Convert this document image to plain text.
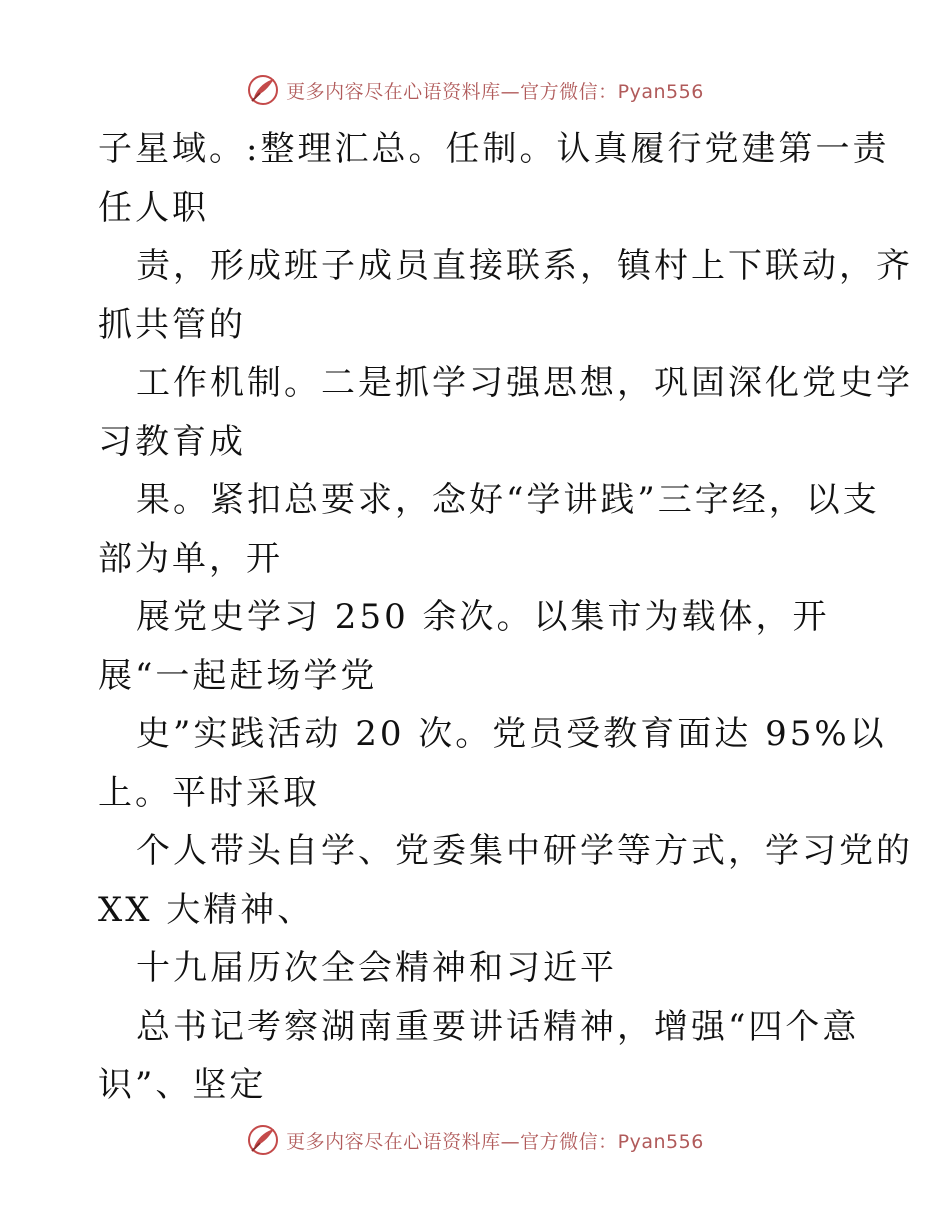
更多内容尽在心语资料库—官方微信：Pyan556
子星域。:整理汇总。任制。认真履行党建第一责
任人职
责，形成班子成员直接联系，镇村上下联动，齐
抓共管的
工作机制。二是抓学习强思想，巩固深化党史学
习教育成
果。紧扣总要求，念好“学讲践”三字经，以支
部为单，开
展党史学习 250 余次。以集市为载体，开
展“一起赶场学党
史”实践活动 20 次。党员受教育面达 95%以
上。平时采取
个人带头自学、党委集中研学等方式，学习党的
XX 大精神、
十九届历次全会精神和习近平
总书记考察湖南重要讲话精神，增强“四个意
识”、坚定
更多内容尽在心语资料库—官方微信：Pyan556
